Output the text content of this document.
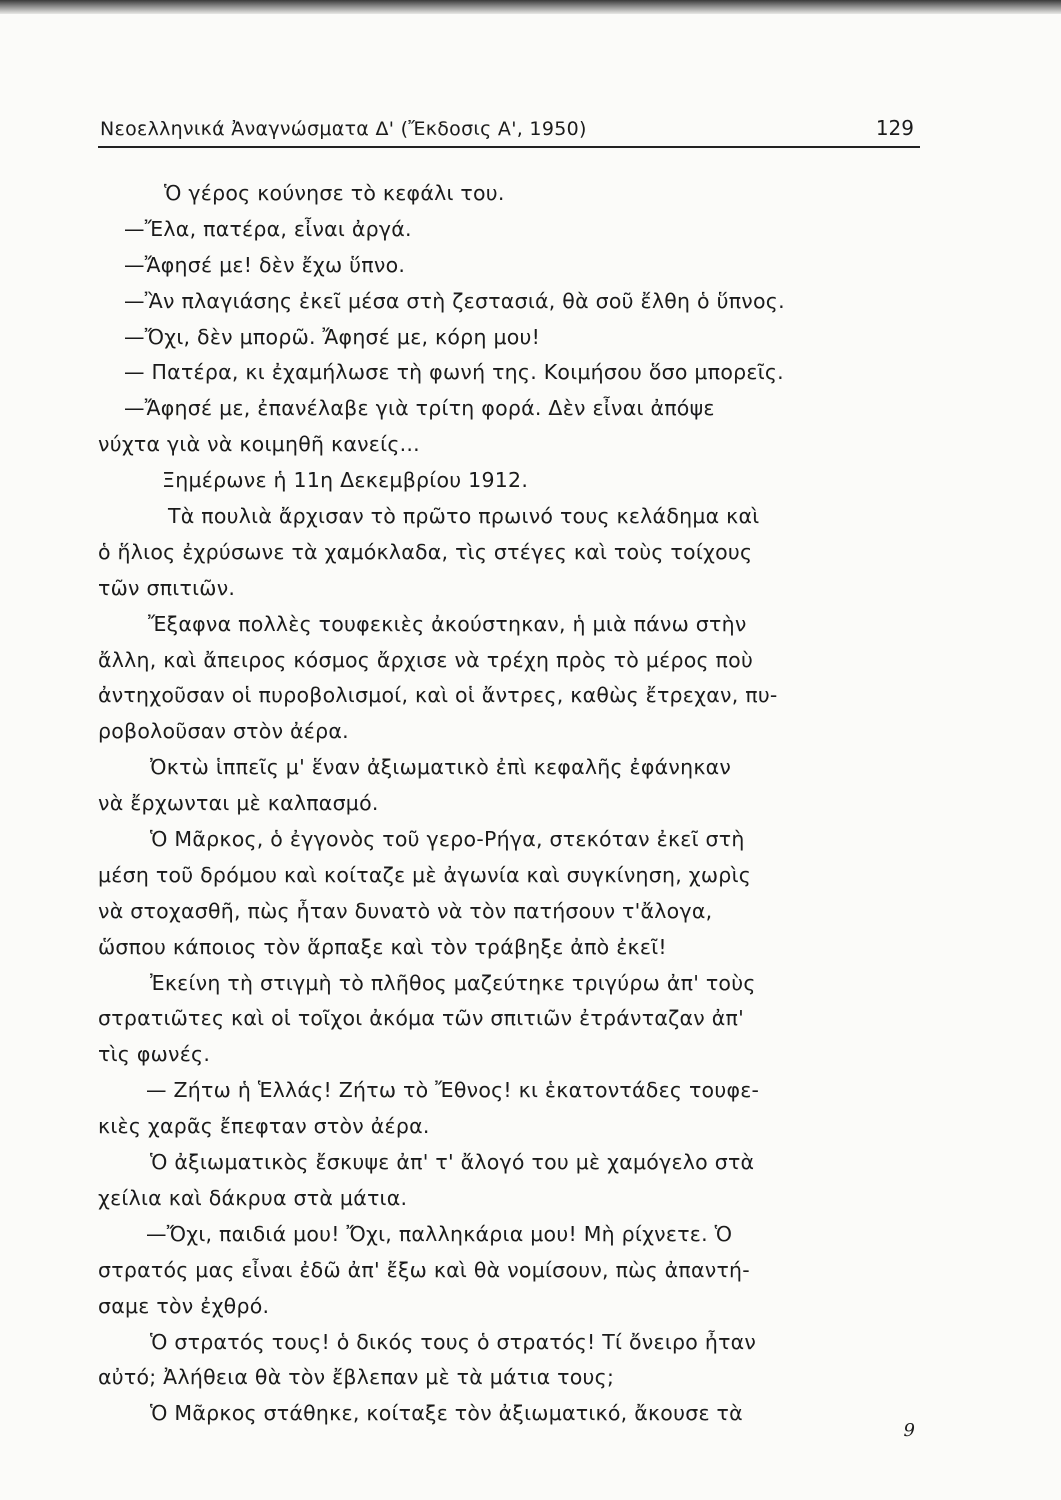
Νεοελληνικά Ἀναγνώσματα Δ' (Ἔκδοσις Α', 1950)	129
Ὁ γέρος κούνησε τὸ κεφάλι του.
—Ἔλα, πατέρα, εἶναι ἀργά.
—Ἄφησέ με! δὲν ἔχω ὕπνο.
—Ἂν πλαγιάσης ἐκεῖ μέσα στὴ ζεστασιά, θὰ σοῦ ἔλθη ὁ ὕπνος.
—Ὄχι, δὲν μπορῶ. Ἄφησέ με, κόρη μου!
— Πατέρα, κι ἐχαμήλωσε τὴ φωνή της. Κοιμήσου ὅσο μπορεῖς.
—Ἄφησέ με, ἐπανέλαβε γιὰ τρίτη φορά. Δὲν εἶναι ἀπόψε
νύχτα γιὰ νὰ κοιμηθῆ κανείς...
Ξημέρωνε ἡ 11η Δεκεμβρίου 1912.
Τὰ πουλιὰ ἄρχισαν τὸ πρῶτο πρωινό τους κελάδημα καὶ
ὁ ἥλιος ἐχρύσωνε τὰ χαμόκλαδα, τὶς στέγες καὶ τοὺς τοίχους
τῶν σπιτιῶν.
Ἔξαφνα πολλὲς τουφεκιὲς ἀκούστηκαν, ἡ μιὰ πάνω στὴν
ἄλλη, καὶ ἄπειρος κόσμος ἄρχισε νὰ τρέχη πρὸς τὸ μέρος ποὺ
ἀντηχοῦσαν οἱ πυροβολισμοί, καὶ οἱ ἄντρες, καθὼς ἔτρεχαν, πυ-
ροβολοῦσαν στὸν ἀέρα.
Ὀκτὼ ἱππεῖς μ' ἕναν ἀξιωματικὸ ἐπὶ κεφαλῆς ἐφάνηκαν
νὰ ἔρχωνται μὲ καλπασμό.
Ὁ Μᾶρκος, ὁ ἐγγονὸς τοῦ γερο-Ρήγα, στεκόταν ἐκεῖ στὴ
μέση τοῦ δρόμου καὶ κοίταζε μὲ ἀγωνία καὶ συγκίνηση, χωρὶς
νὰ στοχασθῆ, πὼς ἦταν δυνατὸ νὰ τὸν πατήσουν τ'ἄλογα,
ὥσπου κάποιος τὸν ἅρπαξε καὶ τὸν τράβηξε ἀπὸ ἐκεῖ!
Ἐκείνη τὴ στιγμὴ τὸ πλῆθος μαζεύτηκε τριγύρω ἀπ' τοὺς
στρατιῶτες καὶ οἱ τοῖχοι ἀκόμα τῶν σπιτιῶν ἐτράνταζαν ἀπ'
τὶς φωνές.
— Ζήτω ἡ Ἑλλάς! Ζήτω τὸ Ἔθνος! κι ἑκατοντάδες τουφε-
κιὲς χαρᾶς ἔπεφταν στὸν ἀέρα.
Ὁ ἀξιωματικὸς ἔσκυψε ἀπ' τ' ἄλογό του μὲ χαμόγελο στὰ
χείλια καὶ δάκρυα στὰ μάτια.
—Ὄχι, παιδιά μου! Ὄχι, παλληκάρια μου! Μὴ ρίχνετε. Ὁ
στρατός μας εἶναι ἐδῶ ἀπ' ἔξω καὶ θὰ νομίσουν, πὼς ἀπαντή-
σαμε τὸν ἐχθρό.
Ὁ στρατός τους! ὁ δικός τους ὁ στρατός! Τί ὄνειρο ἦταν
αὐτό; Ἀλήθεια θὰ τὸν ἔβλεπαν μὲ τὰ μάτια τους;
Ὁ Μᾶρκος στάθηκε, κοίταξε τὸν ἀξιωματικό, ἄκουσε τὰ
9
